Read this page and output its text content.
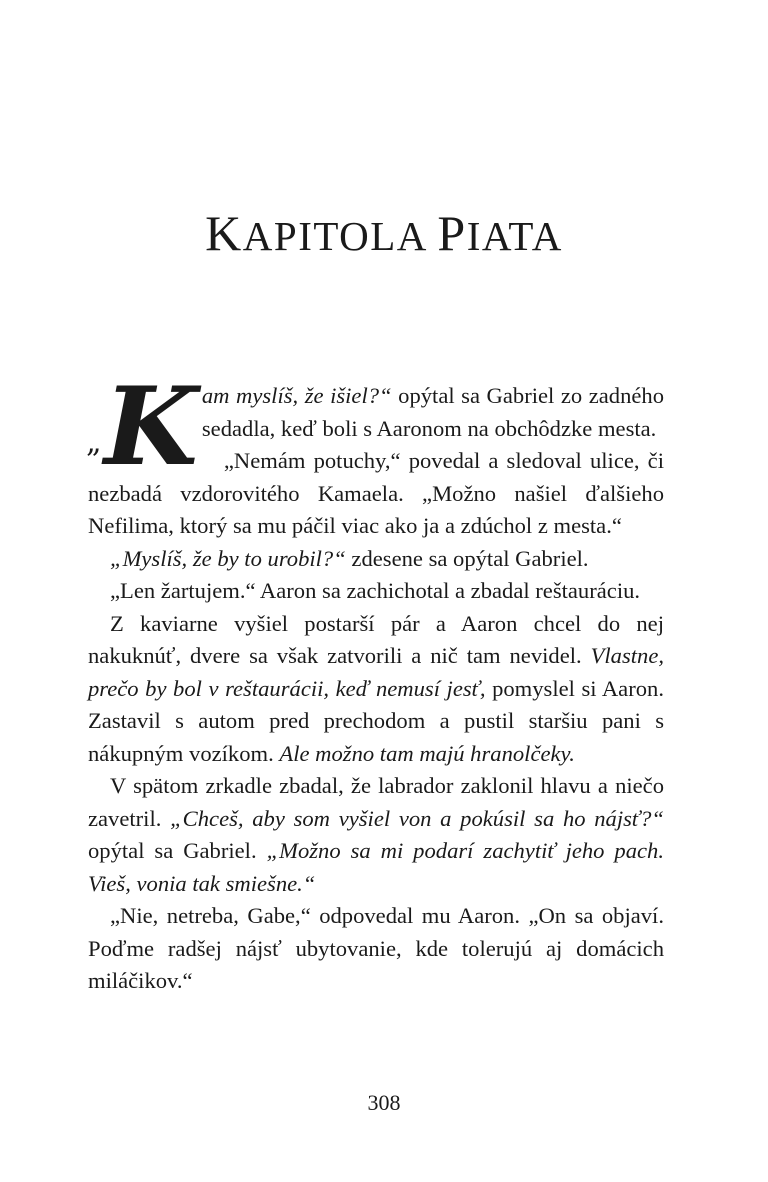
KAPITOLA PIATA

„ K am myslíš, že išiel?“ opýtal sa Gabriel zo zadného sedadla, keď boli s Aaronom na obchôdzke mesta.

„Nemám potuchy,“ povedal a sledoval ulice, či nezbadá vzdorovitého Kamaela. „Možno našiel ďalšieho Nefilima, ktorý sa mu páčil viac ako ja a zdúchol z mesta.“

„Myslíš, že by to urobil?“ zdesene sa opýtal Gabriel.

„Len žartujem.“ Aaron sa zachichotal a zbadal reštauráciu.

Z kaviarne vyšiel postarší pár a Aaron chcel do nej nakuknúť, dvere sa však zatvorili a nič tam nevidel. Vlastne, prečo by bol v reštaurácii, keď nemusí jesť, pomyslel si Aaron. Zastavil s autom pred prechodom a pustil staršiu pani s nákupným vozíkom. Ale možno tam majú hranolčeky.

V spätom zrkadle zbadal, že labrador zaklonil hlavu a niečo zavetril. „Chceš, aby som vyšiel von a pokúsil sa ho nájsť?“ opýtal sa Gabriel. „Možno sa mi podarí zachytiť jeho pach. Vieš, vonia tak smiešne.“

„Nie, netreba, Gabe,“ odpovedal mu Aaron. „On sa objaví. Poďme radšej nájsť ubytovanie, kde tolerujú aj domácich miláčikov.“

308
